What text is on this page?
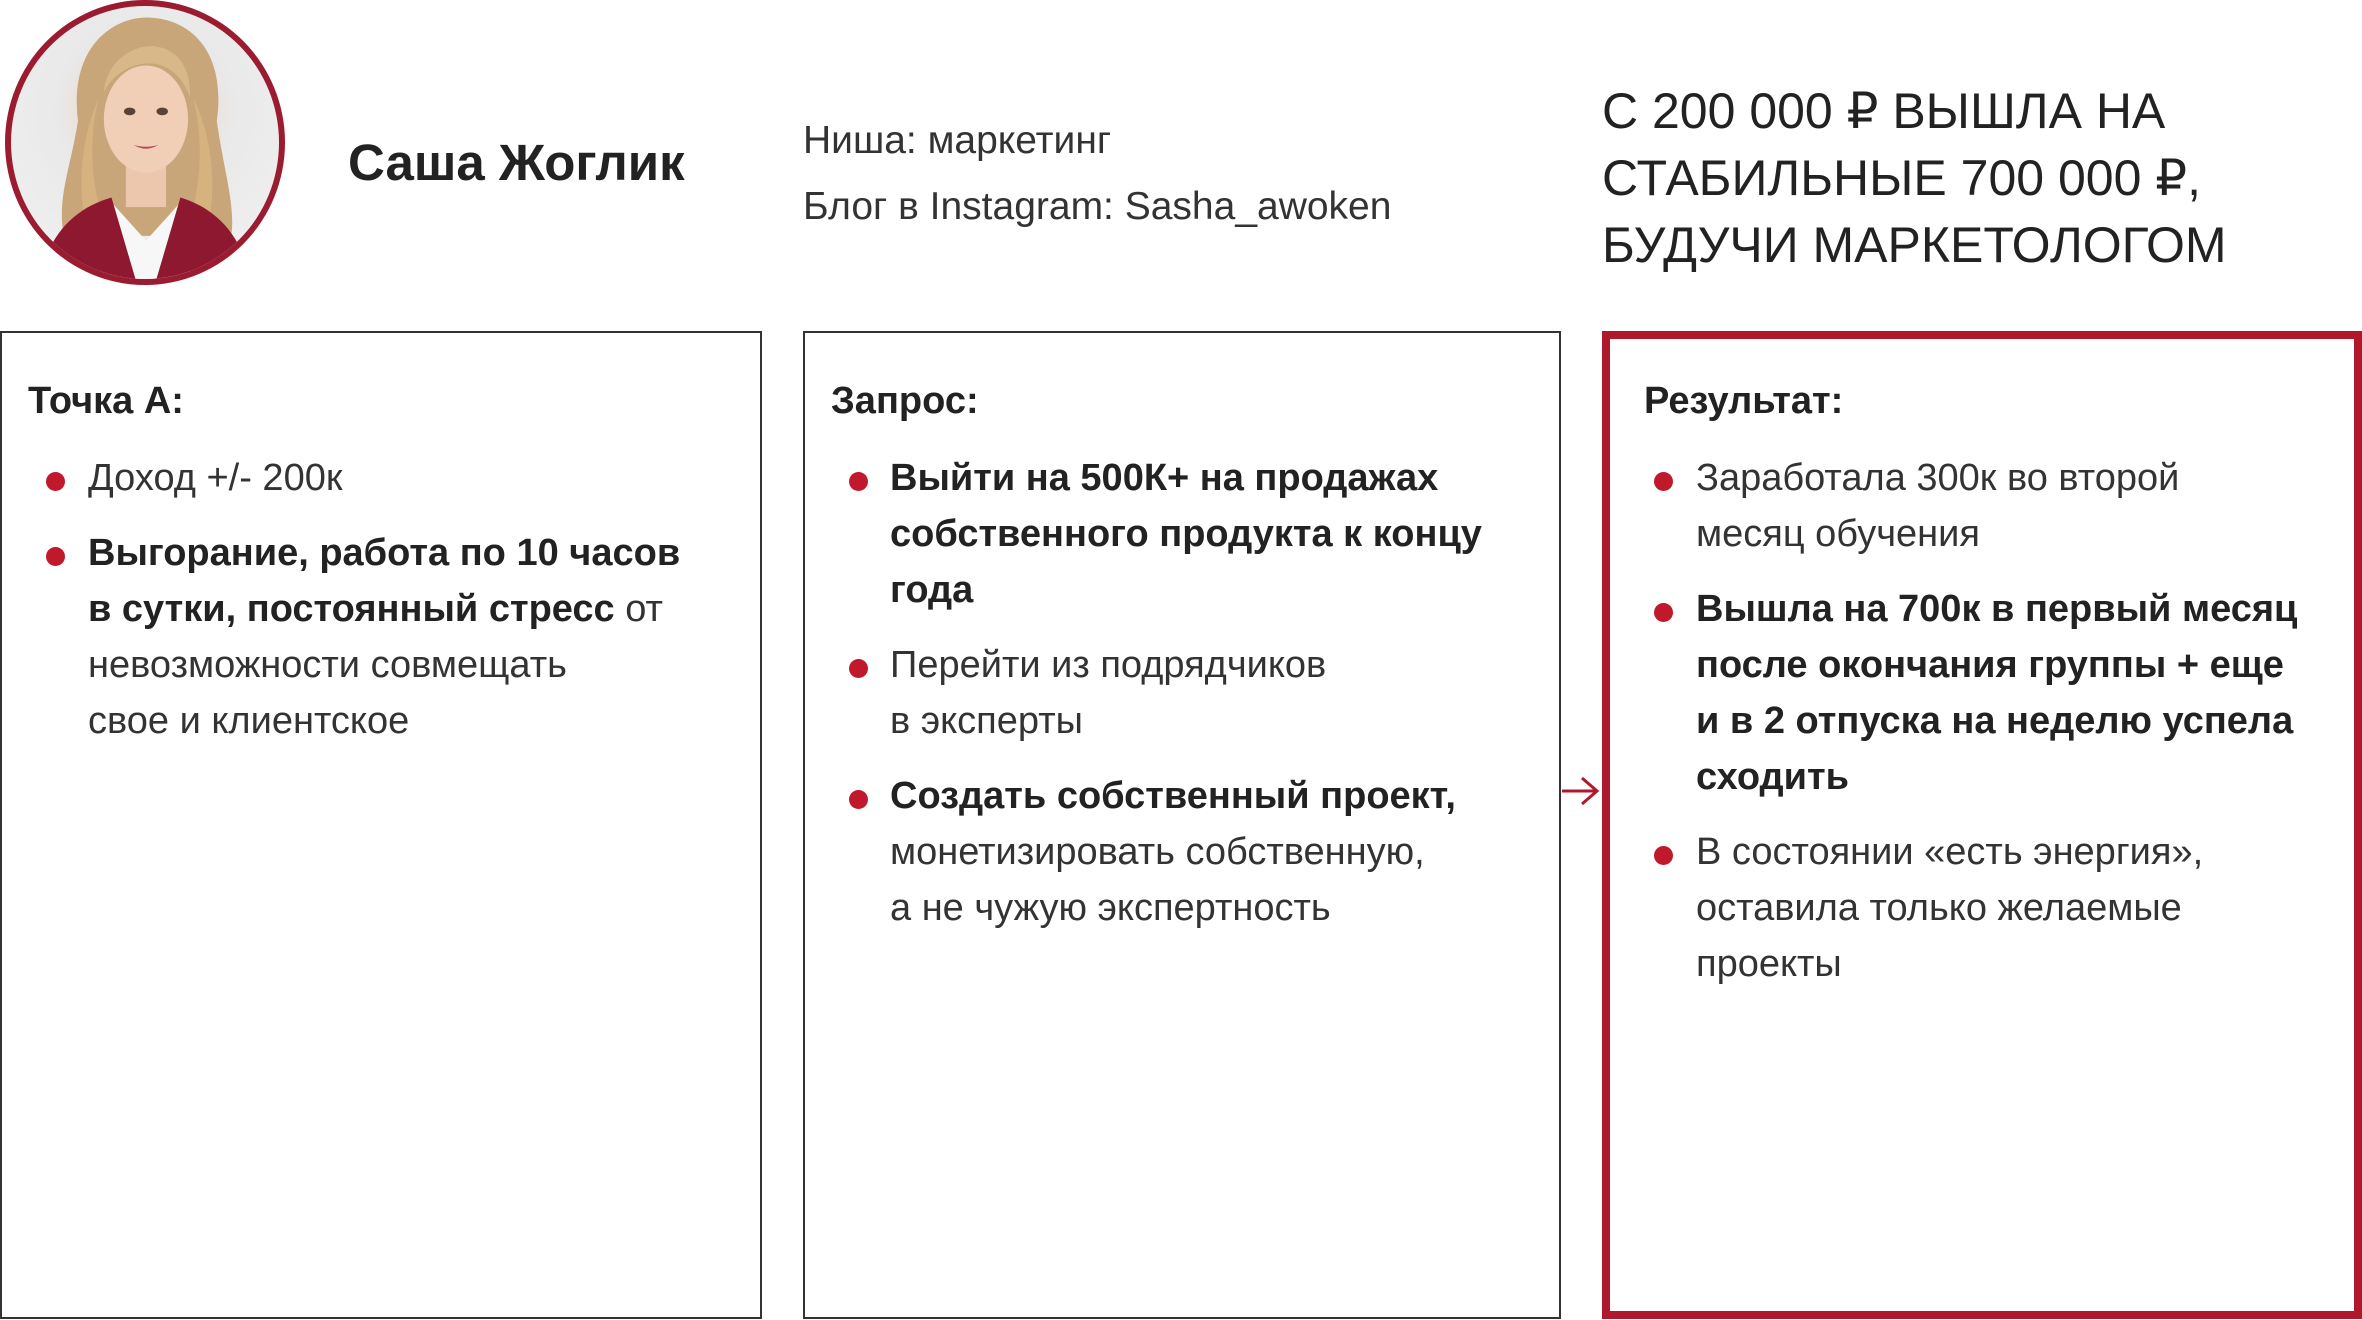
Саша Жоглик	Ниша: маркетинг
Блог в Instagram: Sasha_awoken
С 200 000 ₽ ВЫШЛА НА
СТАБИЛЬНЫЕ 700 000 ₽,
БУДУЧИ МАРКЕТОЛОГОМ
Точка А:
Доход +/- 200к
Выгорание, работа по 10 часов
в сутки, постоянный стресс от
невозможности совмещать
свое и клиентское
Запрос:
Выйти на 500К+ на продажах
собственного продукта к концу
года
Перейти из подрядчиков
в эксперты
Создать собственный проект,
монетизировать собственную,
а не чужую экспертность
Результат:
Заработала 300к во второй
месяц обучения
Вышла на 700к в первый месяц
после окончания группы + еще
и в 2 отпуска на неделю успела
сходить
В состоянии «есть энергия»,
оставила только желаемые
проекты
